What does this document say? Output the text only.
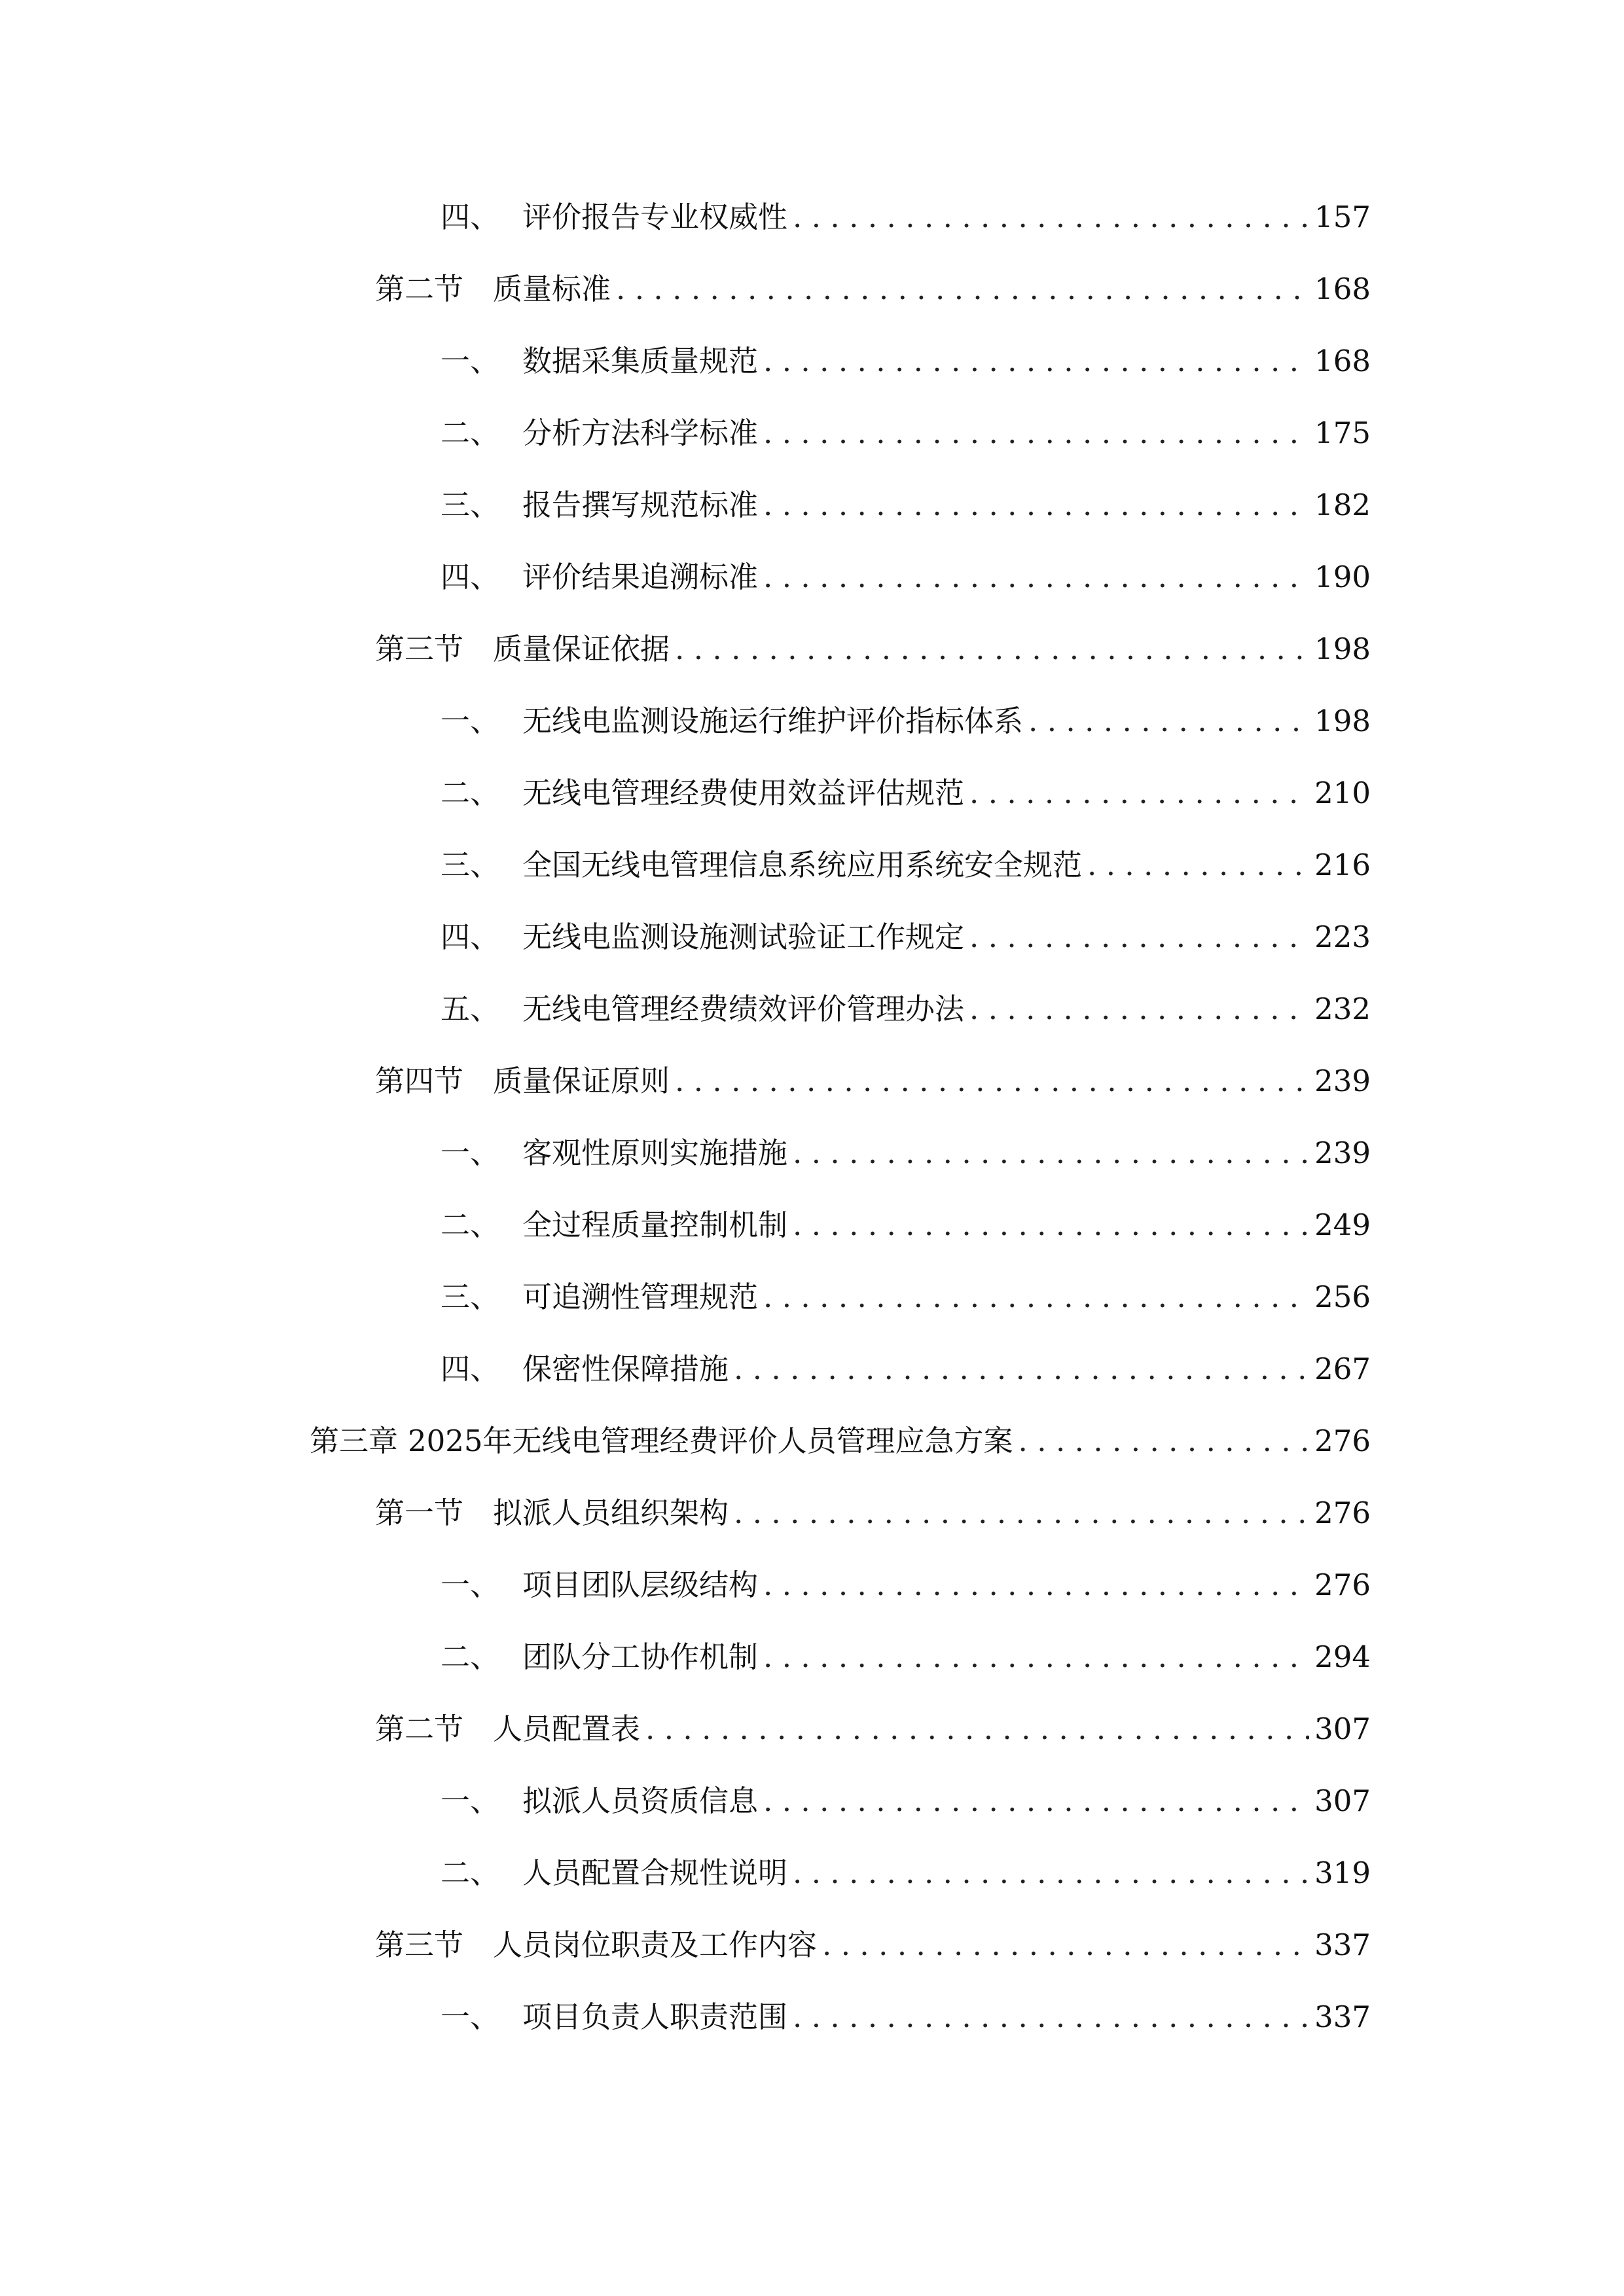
四、 评价报告专业权威性 .....	157
第二节 质量标准 .....	168
一、 数据采集质量规范 .....	168
二、 分析方法科学标准 .....	175
三、 报告撰写规范标准 .....	182
四、 评价结果追溯标准 .....	190
第三节 质量保证依据 .....	198
一、 无线电监测设施运行维护评价指标体系 .....	198
二、 无线电管理经费使用效益评估规范 .....	210
三、 全国无线电管理信息系统应用系统安全规范 .....	216
四、 无线电监测设施测试验证工作规定 .....	223
五、 无线电管理经费绩效评价管理办法 .....	232
第四节 质量保证原则 .....	239
一、 客观性原则实施措施 .....	239
二、 全过程质量控制机制 .....	249
三、 可追溯性管理规范 .....	256
四、 保密性保障措施 .....	267
第三章 2025年无线电管理经费评价人员管理应急方案 .....	276
第一节 拟派人员组织架构 .....	276
一、 项目团队层级结构 .....	276
二、 团队分工协作机制 .....	294
第二节 人员配置表 .....	307
一、 拟派人员资质信息 .....	307
二、 人员配置合规性说明 .....	319
第三节 人员岗位职责及工作内容 .....	337
一、 项目负责人职责范围 .....	337
